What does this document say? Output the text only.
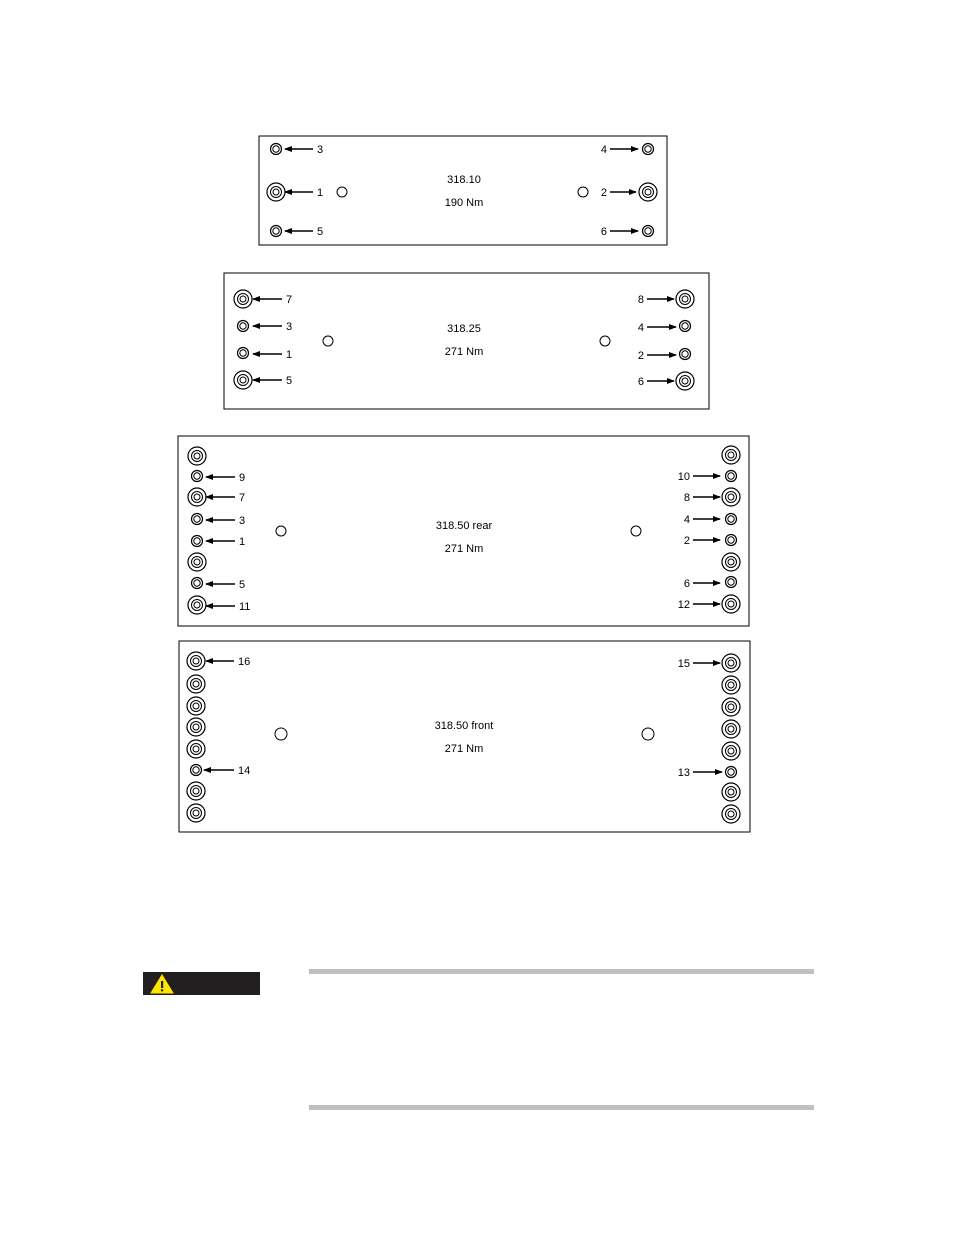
318.10
190 Nm
3
1
5
4
2
6
318.25
271 Nm
7
3
1
5
8
4
2
6
318.50 rear
271 Nm
9
7
3
1
5
11
10
8
4
2
6
12
318.50 front
271 Nm
16
14
15
13
